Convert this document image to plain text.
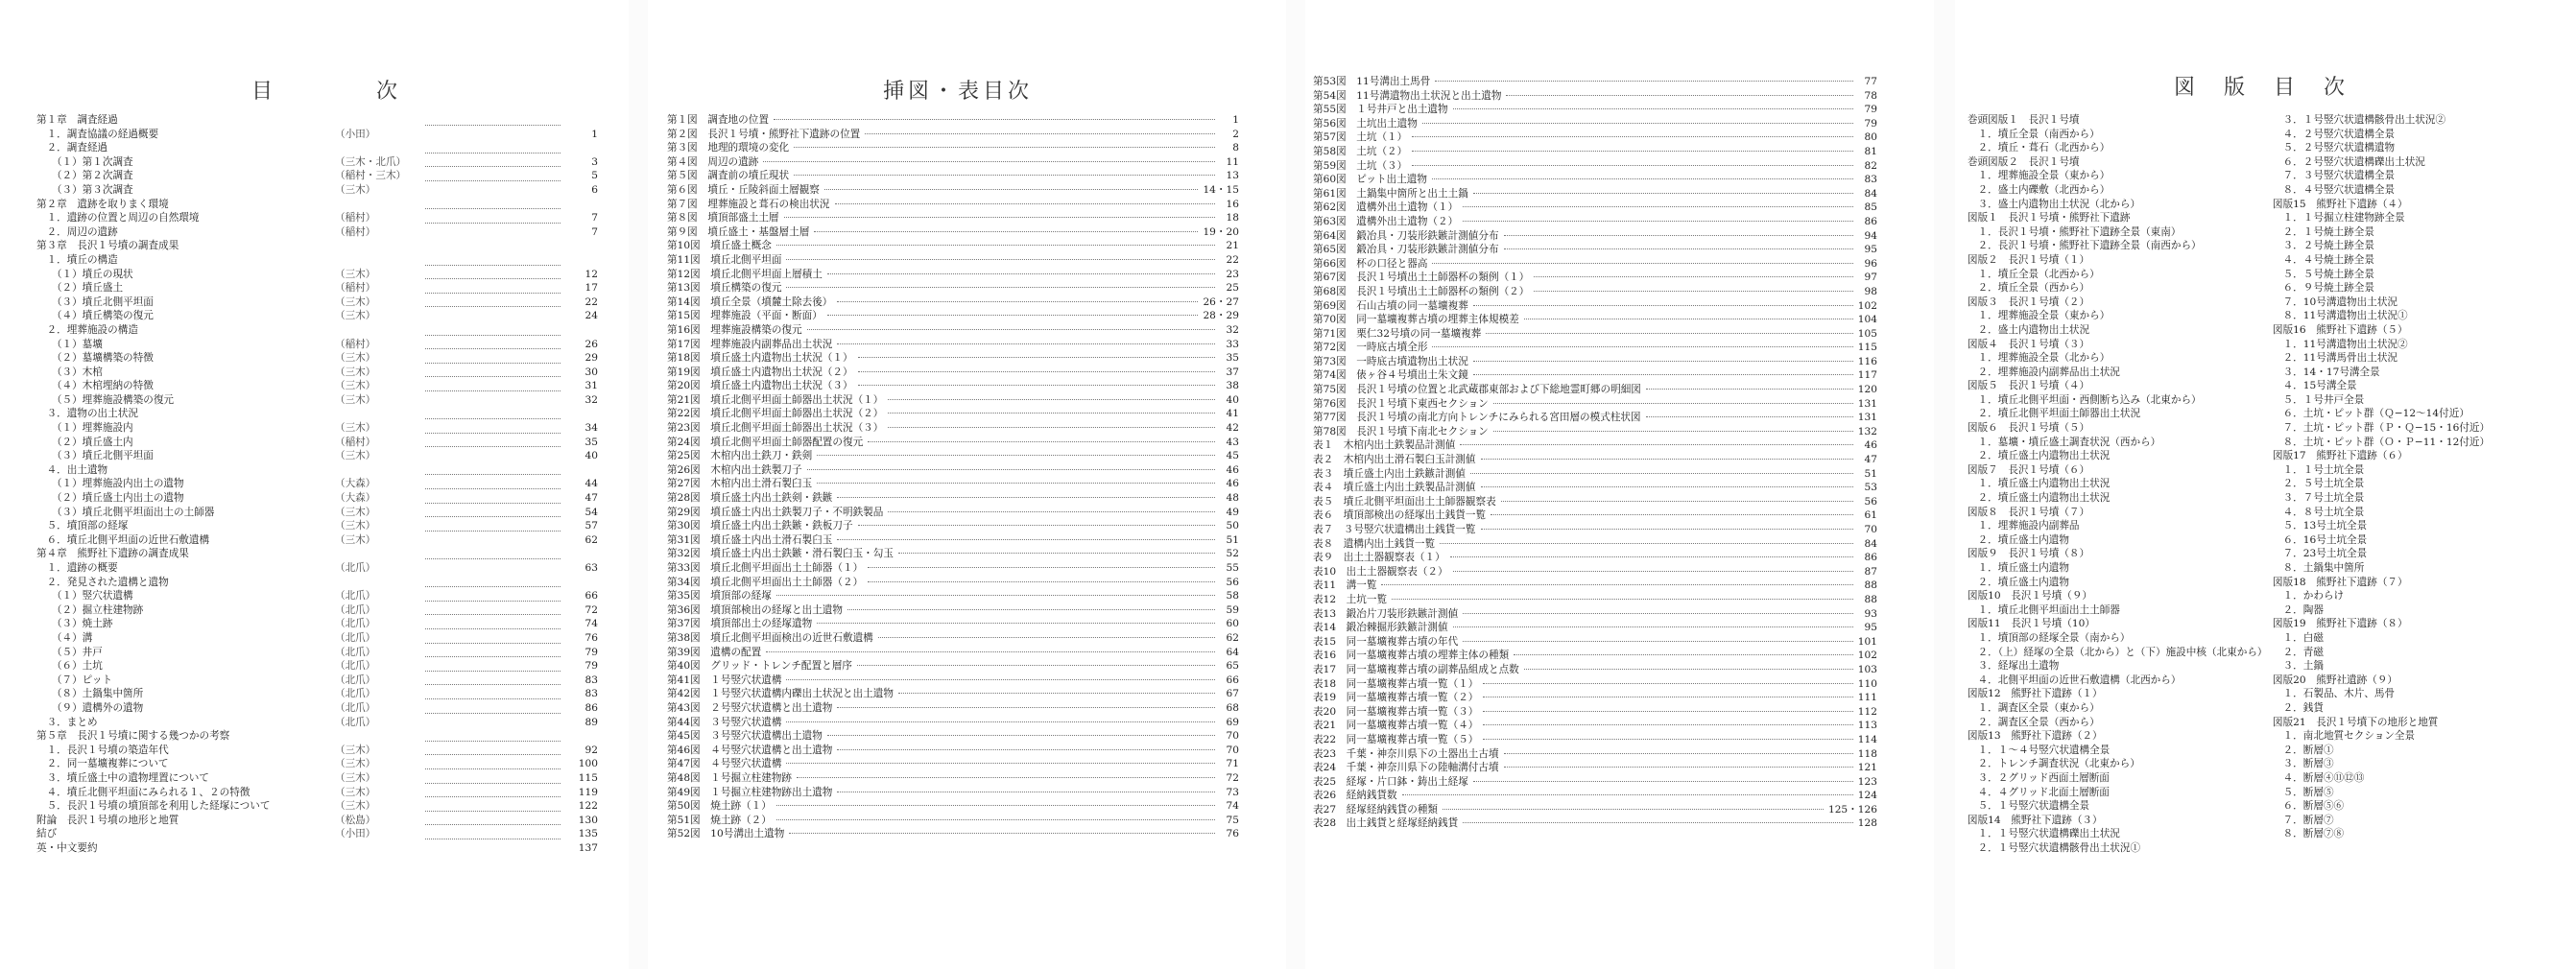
目　　　　次	挿図・表目次	図　版　目　次
第１章　調査経過
　１．調査協議の経過概要	（小田）	1
　２．調査経過
　　（１）第１次調査	（三木・北爪）	3
　　（２）第２次調査	（稲村・三木）	5
　　（３）第３次調査	（三木）	6
第２章　遺跡を取りまく環境
　１．遺跡の位置と周辺の自然環境	（稲村）	7
　２．周辺の遺跡	（稲村）	7
第３章　長沢１号墳の調査成果
　１．墳丘の構造
　　（１）墳丘の現状	（三木）	12
　　（２）墳丘盛土	（稲村）	17
　　（３）墳丘北側平坦面	（三木）	22
　　（４）墳丘構築の復元	（三木）	24
　２．埋葬施設の構造
　　（１）墓壙	（稲村）	26
　　（２）墓壙構築の特徴	（三木）	29
　　（３）木棺	（三木）	30
　　（４）木棺埋納の特徴	（三木）	31
　　（５）埋葬施設構築の復元	（三木）	32
　３．遺物の出土状況
　　（１）埋葬施設内	（三木）	34
　　（２）墳丘盛土内	（稲村）	35
　　（３）墳丘北側平坦面	（三木）	40
　４．出土遺物
　　（１）埋葬施設内出土の遺物	（大森）	44
　　（２）墳丘盛土内出土の遺物	（大森）	47
　　（３）墳丘北側平坦面出土の土師器	（三木）	54
　５．墳頂部の経塚	（三木）	57
　６．墳丘北側平坦面の近世石敷遺構	（三木）	62
第４章　熊野社下遺跡の調査成果
　１．遺跡の概要	（北爪）	63
　２．発見された遺構と遺物
　　（１）竪穴状遺構	（北爪）	66
　　（２）掘立柱建物跡	（北爪）	72
　　（３）焼土跡	（北爪）	74
　　（４）溝	（北爪）	76
　　（５）井戸	（北爪）	79
　　（６）土坑	（北爪）	79
　　（７）ピット	（北爪）	83
　　（８）土鍋集中箇所	（北爪）	83
　　（９）遺構外の遺物	（北爪）	86
　３．まとめ	（北爪）	89
第５章　長沢１号墳に関する幾つかの考察
　１．長沢１号墳の築造年代	（三木）	92
　２．同一墓壙複葬について	（三木）	100
　３．墳丘盛土中の遺物埋置について	（三木）	115
　４．墳丘北側平坦面にみられる１、２の特徴	（三木）	119
　５．長沢１号墳の墳頂部を利用した経塚について	（三木）	122
附論　長沢１号墳の地形と地質	（松島）	130
結び	（小田）	135
英・中文要約	137
第１図　調査地の位置	1
第２図　長沢１号墳・熊野社下遺跡の位置	2
第３図　地理的環境の変化	8
第４図　周辺の遺跡	11
第５図　調査前の墳丘現状	13
第６図　墳丘・丘陵斜面土層観察	14・15
第７図　埋葬施設と葺石の検出状況	16
第８図　墳頂部盛土土層	18
第９図　墳丘盛土・基盤層土層	19・20
第10図　墳丘盛土概念	21
第11図　墳丘北側平坦面	22
第12図　墳丘北側平坦面上層積土	23
第13図　墳丘構築の復元	25
第14図　墳丘全景（墳麓土除去後）	26・27
第15図　埋葬施設（平面・断面）	28・29
第16図　埋葬施設構築の復元	32
第17図　埋葬施設内副葬品出土状況	33
第18図　墳丘盛土内遺物出土状況（１）	35
第19図　墳丘盛土内遺物出土状況（２）	37
第20図　墳丘盛土内遺物出土状況（３）	38
第21図　墳丘北側平坦面土師器出土状況（１）	40
第22図　墳丘北側平坦面土師器出土状況（２）	41
第23図　墳丘北側平坦面土師器出土状況（３）	42
第24図　墳丘北側平坦面土師器配置の復元	43
第25図　木棺内出土鉄刀・鉄剣	45
第26図　木棺内出土鉄製刀子	46
第27図　木棺内出土滑石製臼玉	46
第28図　墳丘盛土内出土鉄剣・鉄鏃	48
第29図　墳丘盛土内出土鉄製刀子・不明鉄製品	49
第30図　墳丘盛土内出土鉄鏃・鉄板刀子	50
第31図　墳丘盛土内出土滑石製臼玉	51
第32図　墳丘盛土内出土鉄鏃・滑石製臼玉・勾玉	52
第33図　墳丘北側平坦面出土土師器（１）	55
第34図　墳丘北側平坦面出土土師器（２）	56
第35図　墳頂部の経塚	58
第36図　墳頂部検出の経塚と出土遺物	59
第37図　墳頂部出土の経塚遺物	60
第38図　墳丘北側平坦面検出の近世石敷遺構	62
第39図　遺構の配置	64
第40図　グリッド・トレンチ配置と層序	65
第41図　１号竪穴状遺構	66
第42図　１号竪穴状遺構内礫出土状況と出土遺物	67
第43図　２号竪穴状遺構と出土遺物	68
第44図　３号竪穴状遺構	69
第45図　３号竪穴状遺構出土遺物	70
第46図　４号竪穴状遺構と出土遺物	70
第47図　４号竪穴状遺構	71
第48図　１号掘立柱建物跡	72
第49図　１号掘立柱建物跡出土遺物	73
第50図　焼土跡（１）	74
第51図　焼土跡（２）	75
第52図　10号溝出土遺物	76
第53図　11号溝出土馬骨	77
第54図　11号溝遺物出土状況と出土遺物	78
第55図　１号井戸と出土遺物	79
第56図　土坑出土遺物	79
第57図　土坑（１）	80
第58図　土坑（２）	81
第59図　土坑（３）	82
第60図　ピット出土遺物	83
第61図　土鍋集中箇所と出土土鍋	84
第62図　遺構外出土遺物（１）	85
第63図　遺構外出土遺物（２）	86
第64図　鍛冶具・刀装形鉄鏃計測値分布	94
第65図　鍛冶具・刀装形鉄鏃計測値分布	95
第66図　杯の口径と器高	96
第67図　長沢１号墳出土土師器杯の類例（１）	97
第68図　長沢１号墳出土土師器杯の類例（２）	98
第69図　石山古墳の同一墓壙複葬	102
第70図　同一墓壙複葬古墳の埋葬主体規模差	104
第71図　栗仁32号墳の同一墓壙複葬	105
第72図　一時底古墳全形	115
第73図　一時底古墳遺物出土状況	116
第74図　俵ヶ谷４号墳出土朱文鏡	117
第75図　長沢１号墳の位置と北武蔵郡東部および下総地霊町郷の明細図	120
第76図　長沢１号墳下東西セクション	131
第77図　長沢１号墳の南北方向トレンチにみられる宮田層の模式柱状図	131
第78図　長沢１号墳下南北セクション	132
表１　木棺内出土鉄製品計測値	46
表２　木棺内出土滑石製臼玉計測値	47
表３　墳丘盛土内出土鉄鏃計測値	51
表４　墳丘盛土内出土鉄製品計測値	53
表５　墳丘北側平坦面出土土師器観察表	56
表６　墳頂部検出の経塚出土銭貨一覧	61
表７　３号竪穴状遺構出土銭貨一覧	70
表８　遺構内出土銭貨一覧	84
表９　出土土器観察表（１）	86
表10　出土土器観察表（２）	87
表11　溝一覧	88
表12　土坑一覧	88
表13　鍛冶片刀装形鉄鏃計測値	93
表14　鍛冶棘掘形鉄鏃計測値	95
表15　同一墓壙複葬古墳の年代	101
表16　同一墓壙複葬古墳の埋葬主体の種類	102
表17　同一墓壙複葬古墳の副葬品組成と点数	103
表18　同一墓壙複葬古墳一覧（１）	110
表19　同一墓壙複葬古墳一覧（２）	111
表20　同一墓壙複葬古墳一覧（３）	112
表21　同一墓壙複葬古墳一覧（４）	113
表22　同一墓壙複葬古墳一覧（５）	114
表23　千葉・神奈川県下の土器出土古墳	118
表24　千葉・神奈川県下の陸軸溝付古墳	121
表25　経塚・片口鉢・鋳出土経塚	123
表26　経納銭貨数	124
表27　経塚経納銭貨の種類	125・126
表28　出土銭貨と経塚経納銭貨	128
巻頭図版１　長沢１号墳
　１．墳丘全景（南西から）
　２．墳丘・葺石（北西から）
巻頭図版２　長沢１号墳
　１．埋葬施設全景（東から）
　２．盛土内礫敷（北西から）
　３．盛土内遺物出土状況（北から）
図版１　長沢１号墳・熊野社下遺跡
　１．長沢１号墳・熊野社下遺跡全景（東南）
　２．長沢１号墳・熊野社下遺跡全景（南西から）
図版２　長沢１号墳（１）
　１．墳丘全景（北西から）
　２．墳丘全景（西から）
図版３　長沢１号墳（２）
　１．埋葬施設全景（東から）
　２．盛土内遺物出土状況
図版４　長沢１号墳（３）
　１．埋葬施設全景（北から）
　２．埋葬施設内副葬品出土状況
図版５　長沢１号墳（４）
　１．墳丘北側平坦面・西側断ち込み（北東から）
　２．墳丘北側平坦面土師器出土状況
図版６　長沢１号墳（５）
　１．墓壙・墳丘盛土調査状況（西から）
　２．墳丘盛土内遺物出土状況
図版７　長沢１号墳（６）
　１．墳丘盛土内遺物出土状況
　２．墳丘盛土内遺物出土状況
図版８　長沢１号墳（７）
　１．埋葬施設内副葬品
　２．墳丘盛土内遺物
図版９　長沢１号墳（８）
　１．墳丘盛土内遺物
　２．墳丘盛土内遺物
図版10　長沢１号墳（９）
　１．墳丘北側平坦面出土土師器
図版11　長沢１号墳（10）
　１．墳頂部の経塚全景（南から）
　２．（上）経塚の全景（北から）と（下）施設中核（北東から）
　３．経塚出土遺物
　４．北側平坦面の近世石敷遺構（北西から）
図版12　熊野社下遺跡（１）
　１．調査区全景（東から）
　２．調査区全景（西から）
図版13　熊野社下遺跡（２）
　１．１〜４号竪穴状遺構全景
　２．トレンチ調査状況（北東から）
　３．２グリッド西面土層断面
　４．４グリッド北面土層断面
　５．１号竪穴状遺構全景
図版14　熊野社下遺跡（３）
　１．１号竪穴状遺構礫出土状況
　２．１号竪穴状遺構骸骨出土状況①
　３．１号竪穴状遺構骸骨出土状況②
　４．２号竪穴状遺構全景
　５．２号竪穴状遺構遺物
　６．２号竪穴状遺構礫出土状況
　７．３号竪穴状遺構全景
　８．４号竪穴状遺構全景
図版15　熊野社下遺跡（４）
　１．１号掘立柱建物跡全景
　２．１号焼土跡全景
　３．２号焼土跡全景
　４．４号焼土跡全景
　５．５号焼土跡全景
　６．９号焼土跡全景
　７．10号溝遺物出土状況
　８．11号溝遺物出土状況①
図版16　熊野社下遺跡（５）
　１．11号溝遺物出土状況②
　２．11号溝馬骨出土状況
　３．14・17号溝全景
　４．15号溝全景
　５．１号井戸全景
　６．土坑・ピット群（Ｑ−12〜14付近）
　７．土坑・ピット群（Ｐ・Ｑ−15・16付近）
　８．土坑・ピット群（Ｏ・Ｐ−11・12付近）
図版17　熊野社下遺跡（６）
　１．１号土坑全景
　２．５号土坑全景
　３．７号土坑全景
　４．８号土坑全景
　５．13号土坑全景
　６．16号土坑全景
　７．23号土坑全景
　８．土鍋集中箇所
図版18　熊野社下遺跡（７）
　１．かわらけ
　２．陶器
図版19　熊野社下遺跡（８）
　１．白磁
　２．青磁
　３．土鍋
図版20　熊野社遺跡（９）
　１．石製品、木片、馬骨
　２．銭貨
図版21　長沢１号墳下の地形と地質
　１．南北地質セクション全景
　２．断層①
　３．断層③
　４．断層④⑪⑫⑬
　５．断層⑤
　６．断層⑤⑥
　７．断層⑦
　８．断層⑦⑧
